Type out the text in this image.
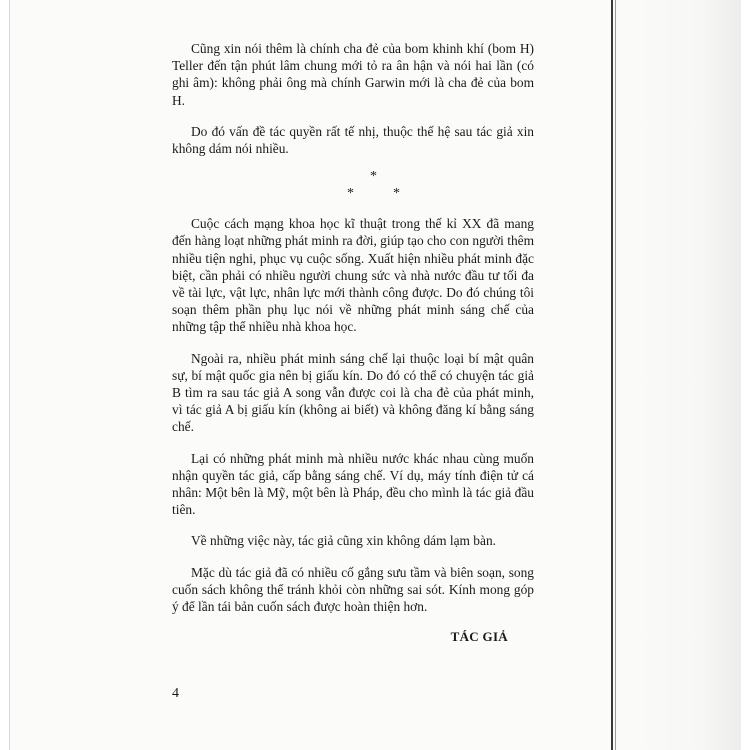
Cũng xin nói thêm là chính cha đẻ của bom khinh khí (bom H) Teller đến tận phút lâm chung mới tỏ ra ân hận và nói hai lần (có ghi âm): không phải ông mà chính Garwin mới là cha đẻ của bom H.

Do đó vấn đề tác quyền rất tế nhị, thuộc thế hệ sau tác giả xin không dám nói nhiều.

*
*	*

Cuộc cách mạng khoa học kĩ thuật trong thế kỉ XX đã mang đến hàng loạt những phát minh ra đời, giúp tạo cho con người thêm nhiều tiện nghi, phục vụ cuộc sống. Xuất hiện nhiều phát minh đặc biệt, cần phải có nhiều người chung sức và nhà nước đầu tư tối đa về tài lực, vật lực, nhân lực mới thành công được. Do đó chúng tôi soạn thêm phần phụ lục nói về những phát minh sáng chế của những tập thể nhiều nhà khoa học.

Ngoài ra, nhiều phát minh sáng chế lại thuộc loại bí mật quân sự, bí mật quốc gia nên bị giấu kín. Do đó có thể có chuyện tác giả B tìm ra sau tác giả A song vẫn được coi là cha đẻ của phát minh, vì tác giả A bị giấu kín (không ai biết) và không đăng kí bằng sáng chế.

Lại có những phát minh mà nhiều nước khác nhau cùng muốn nhận quyền tác giả, cấp bằng sáng chế. Ví dụ, máy tính điện tử cá nhân: Một bên là Mỹ, một bên là Pháp, đều cho mình là tác giả đầu tiên.

Về những việc này, tác giả cũng xin không dám lạm bàn.

Mặc dù tác giả đã có nhiều cố gắng sưu tầm và biên soạn, song cuốn sách không thể tránh khỏi còn những sai sót. Kính mong góp ý để lần tái bản cuốn sách được hoàn thiện hơn.

TÁC GIẢ
4
